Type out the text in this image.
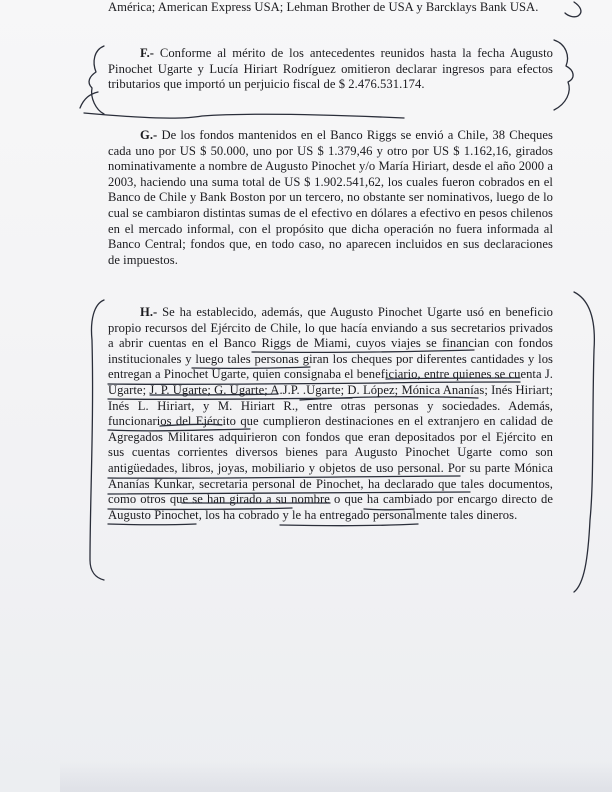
América; American Express USA; Lehman Brother de USA y Barcklays Bank USA.

F.- Conforme al mérito de los antecedentes reunidos hasta la fecha Augusto Pinochet Ugarte y Lucía Hiriart Rodríguez omitieron declarar ingresos para efectos tributarios que importó un perjuicio fiscal de $ 2.476.531.174.

G.- De los fondos mantenidos en el Banco Riggs se envió a Chile, 38 Cheques cada uno por US $ 50.000, uno por US $ 1.379,46 y otro por US $ 1.162,16, girados nominativamente a nombre de Augusto Pinochet y/o María Hiriart, desde el año 2000 a 2003, haciendo una suma total de US $ 1.902.541,62, los cuales fueron cobrados en el Banco de Chile y Bank Boston por un tercero, no obstante ser nominativos, luego de lo cual se cambiaron distintas sumas de el efectivo en dólares a efectivo en pesos chilenos en el mercado informal, con el propósito que dicha operación no fuera informada al Banco Central; fondos que, en todo caso, no aparecen incluidos en sus declaraciones de impuestos.

H.- Se ha establecido, además, que Augusto Pinochet Ugarte usó en beneficio propio recursos del Ejército de Chile, lo que hacía enviando a sus secretarios privados a abrir cuentas en el Banco Riggs de Miami, cuyos viajes se financian con fondos institucionales y luego tales personas giran los cheques por diferentes cantidades y los entregan a Pinochet Ugarte, quien consignaba el beneficiario, entre quienes se cuenta J. Ugarte; J. P. Ugarte; G. Ugarte; A.J.P. .Ugarte; D. López; Mónica Ananías; Inés Hiriart; Inés L. Hiriart, y M. Hiriart R., entre otras personas y sociedades. Además, funcionarios del Ejército que cumplieron destinaciones en el extranjero en calidad de Agregados Militares adquirieron con fondos que eran depositados por el Ejército en sus cuentas corrientes diversos bienes para Augusto Pinochet Ugarte como son antigüedades, libros, joyas, mobiliario y objetos de uso personal. Por su parte Mónica Ananías Kunkar, secretaria personal de Pinochet, ha declarado que tales documentos, como otros que se han girado a su nombre o que ha cambiado por encargo directo de Augusto Pinochet, los ha cobrado y le ha entregado personalmente tales dineros.
